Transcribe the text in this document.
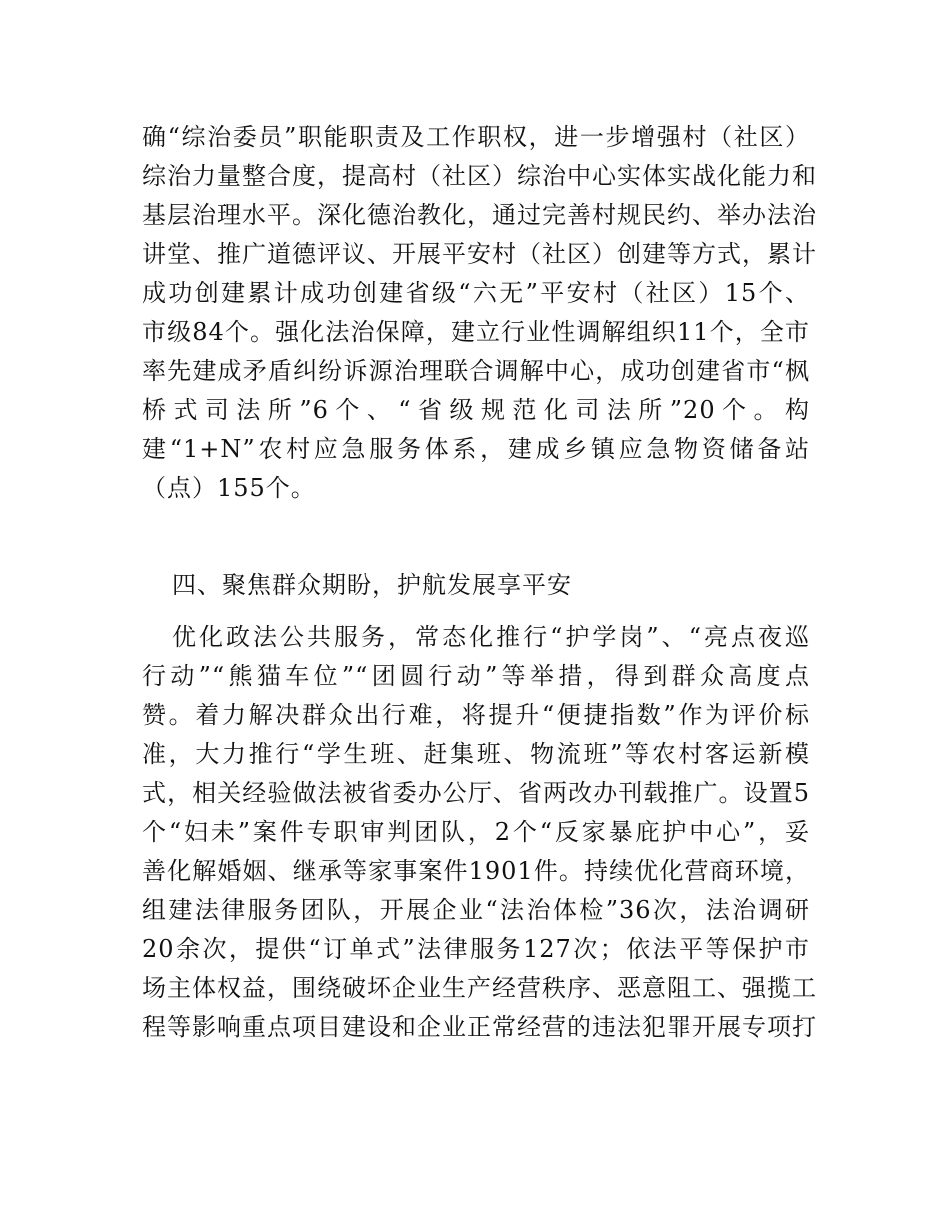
确“综治委员”职能职责及工作职权，进一步增强村（社区）
综治力量整合度，提高村（社区）综治中心实体实战化能力和
基层治理水平。深化德治教化，通过完善村规民约、举办法治
讲堂、推广道德评议、开展平安村（社区）创建等方式，累计
成功创建累计成功创建省级“六无”平安村（社区）15个、
市级84个。强化法治保障，建立行业性调解组织11个，全市
率先建成矛盾纠纷诉源治理联合调解中心，成功创建省市“枫
桥式司法所”6个、“省级规范化司法所”20个。构
建“1+N”农村应急服务体系，建成乡镇应急物资储备站
（点）155个。
四、聚焦群众期盼，护航发展享平安
优化政法公共服务，常态化推行“护学岗”、“亮点夜巡
行动”“熊猫车位”“团圆行动”等举措，得到群众高度点
赞。着力解决群众出行难，将提升“便捷指数”作为评价标
准，大力推行“学生班、赶集班、物流班”等农村客运新模
式，相关经验做法被省委办公厅、省两改办刊载推广。设置5
个“妇未”案件专职审判团队，2个“反家暴庇护中心”，妥
善化解婚姻、继承等家事案件1901件。持续优化营商环境，
组建法律服务团队，开展企业“法治体检”36次，法治调研
20余次，提供“订单式”法律服务127次；依法平等保护市
场主体权益，围绕破坏企业生产经营秩序、恶意阻工、强揽工
程等影响重点项目建设和企业正常经营的违法犯罪开展专项打
